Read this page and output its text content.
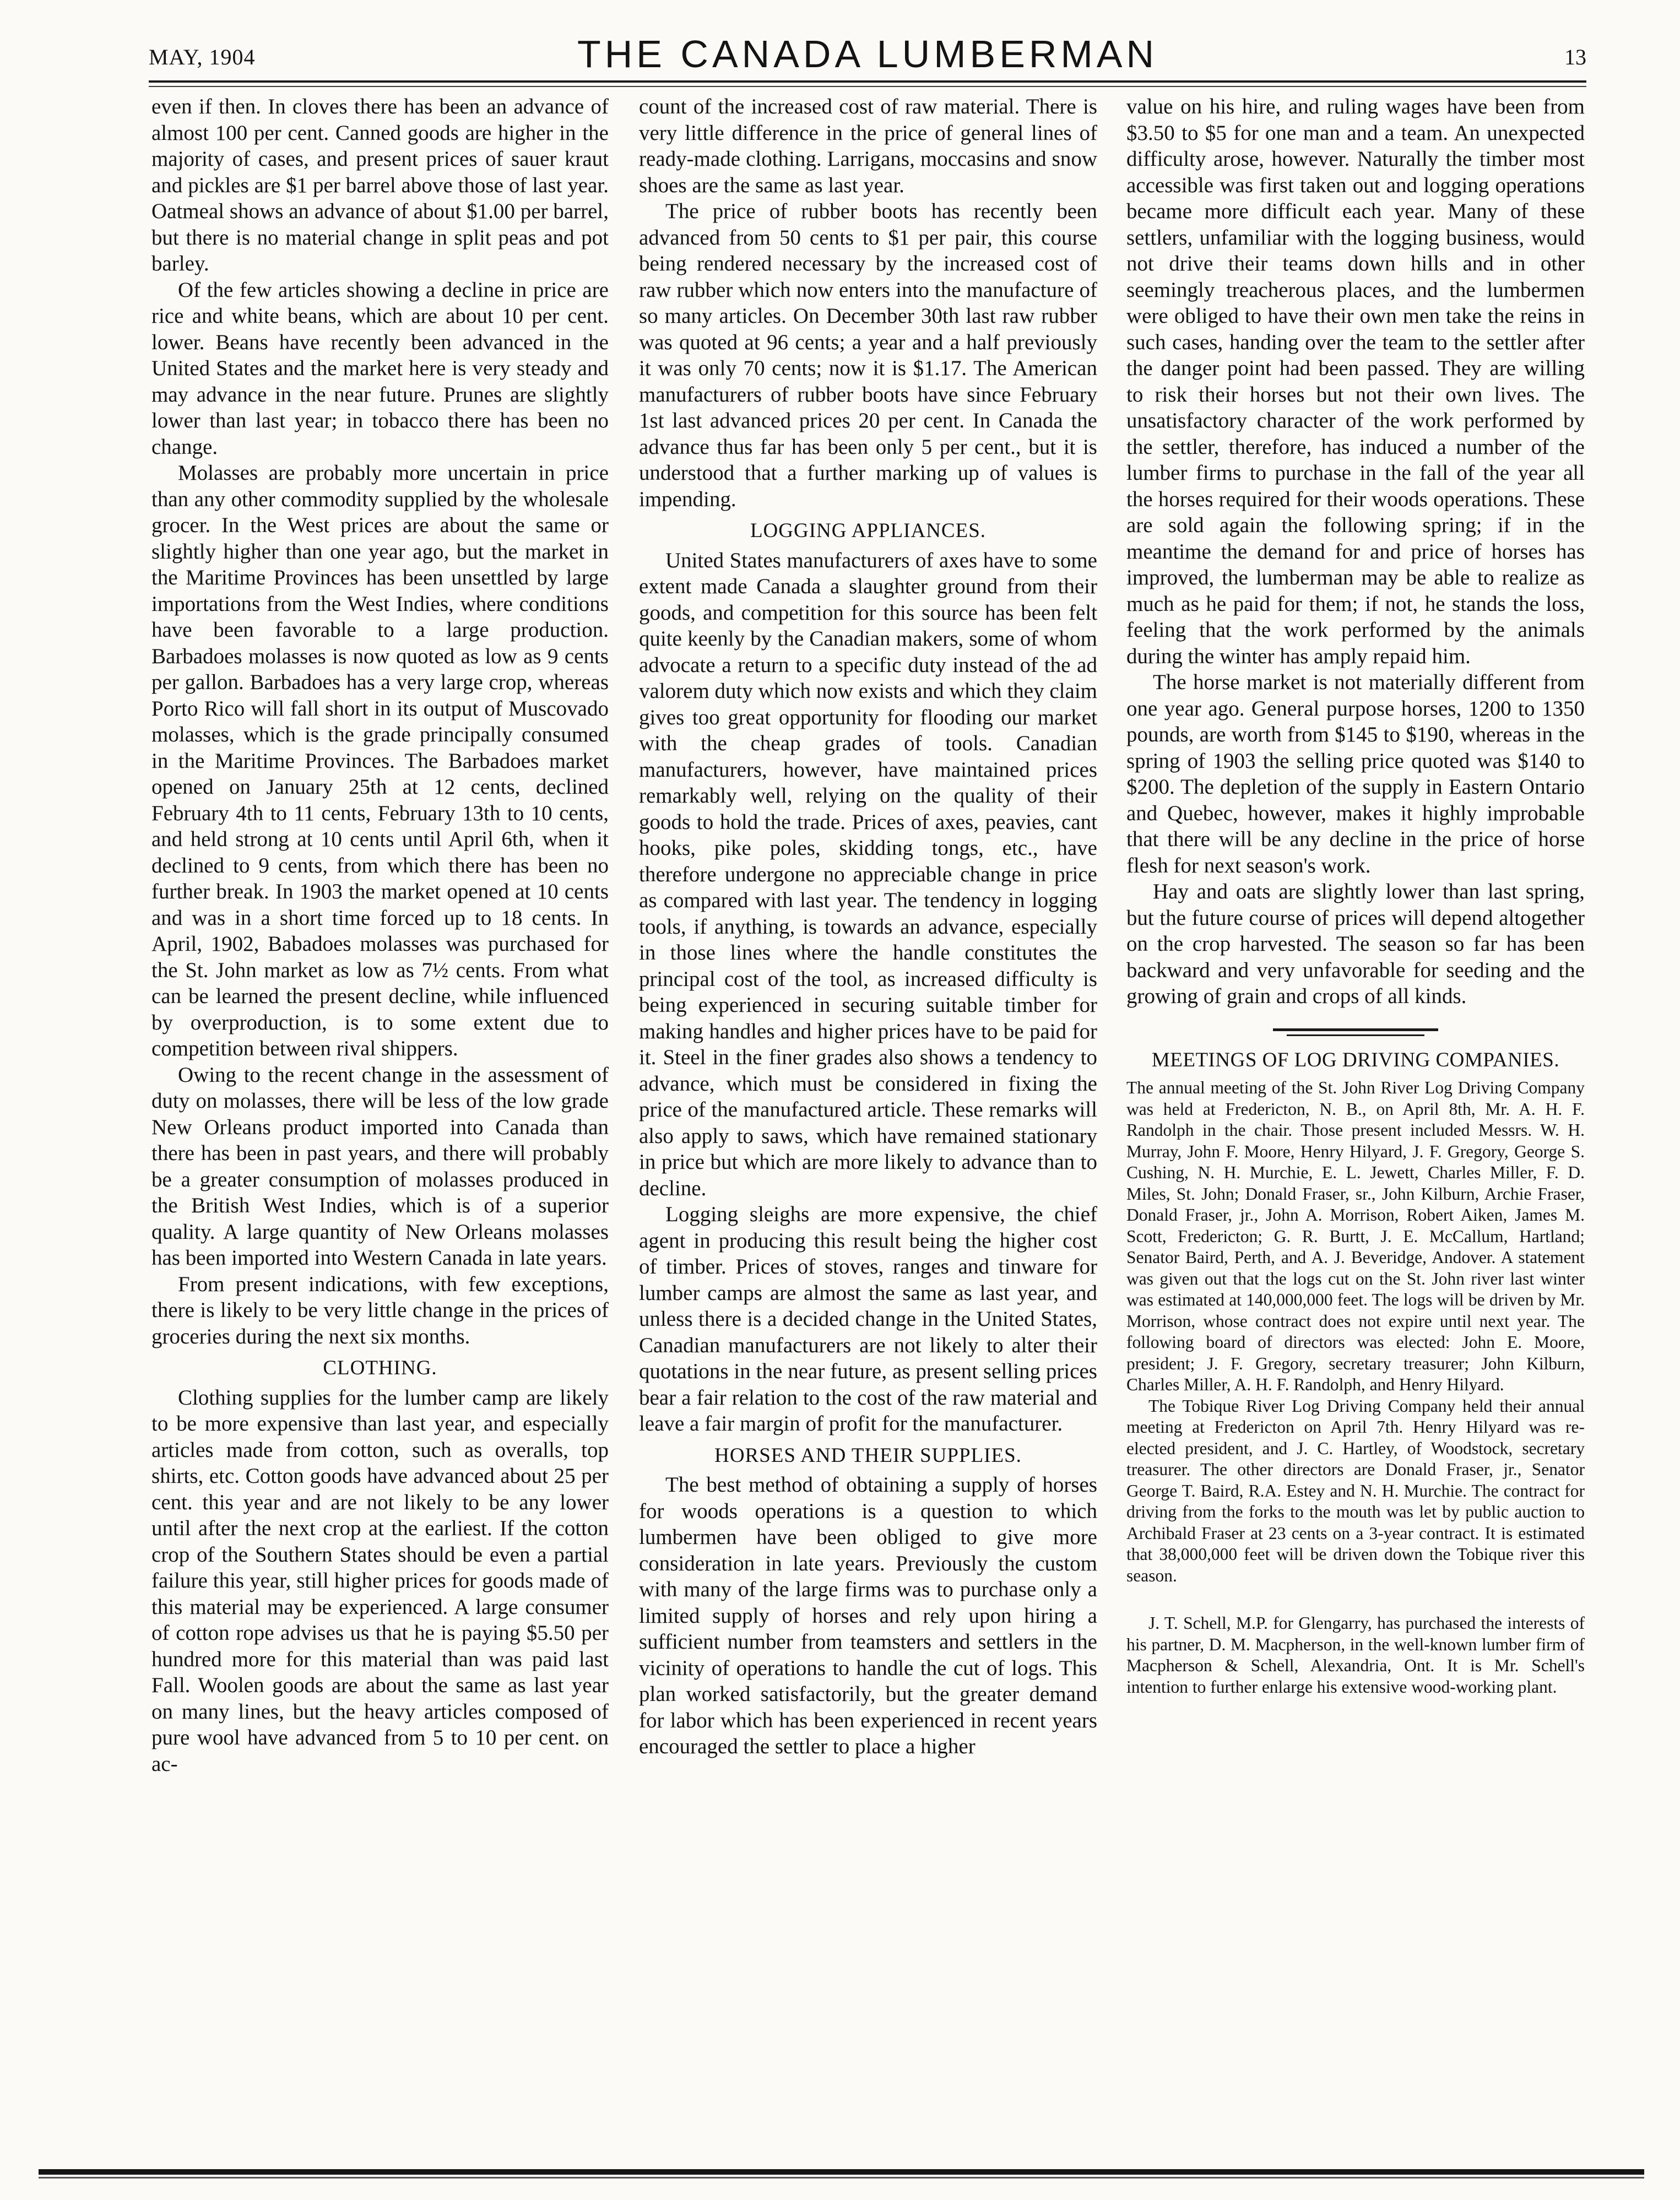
MAY, 1904	THE CANADA LUMBERMAN	13

even if then. In cloves there has been an advance of almost 100 per cent. Canned goods are higher in the majority of cases, and present prices of sauer kraut and pickles are $1 per barrel above those of last year. Oatmeal shows an advance of about $1.00 per barrel, but there is no material change in split peas and pot barley.

Of the few articles showing a decline in price are rice and white beans, which are about 10 per cent. lower. Beans have recently been advanced in the United States and the market here is very steady and may advance in the near future. Prunes are slightly lower than last year; in tobacco there has been no change.

Molasses are probably more uncertain in price than any other commodity supplied by the wholesale grocer. In the West prices are about the same or slightly higher than one year ago, but the market in the Maritime Provinces has been unsettled by large importations from the West Indies, where conditions have been favorable to a large production. Barbadoes molasses is now quoted as low as 9 cents per gallon. Barbadoes has a very large crop, whereas Porto Rico will fall short in its output of Muscovado molasses, which is the grade principally consumed in the Maritime Provinces. The Barbadoes market opened on January 25th at 12 cents, declined February 4th to 11 cents, February 13th to 10 cents, and held strong at 10 cents until April 6th, when it declined to 9 cents, from which there has been no further break. In 1903 the market opened at 10 cents and was in a short time forced up to 18 cents. In April, 1902, Babadoes molasses was purchased for the St. John market as low as 7½ cents. From what can be learned the present decline, while influenced by overproduction, is to some extent due to competition between rival shippers.

Owing to the recent change in the assessment of duty on molasses, there will be less of the low grade New Orleans product imported into Canada than there has been in past years, and there will probably be a greater consumption of molasses produced in the British West Indies, which is of a superior quality. A large quantity of New Orleans molasses has been imported into Western Canada in late years.

From present indications, with few exceptions, there is likely to be very little change in the prices of groceries during the next six months.

CLOTHING.

Clothing supplies for the lumber camp are likely to be more expensive than last year, and especially articles made from cotton, such as overalls, top shirts, etc. Cotton goods have advanced about 25 per cent. this year and are not likely to be any lower until after the next crop at the earliest. If the cotton crop of the Southern States should be even a partial failure this year, still higher prices for goods made of this material may be experienced. A large consumer of cotton rope advises us that he is paying $5.50 per hundred more for this material than was paid last Fall. Woolen goods are about the same as last year on many lines, but the heavy articles composed of pure wool have advanced from 5 to 10 per cent. on ac-

count of the increased cost of raw material. There is very little difference in the price of general lines of ready-made clothing. Larrigans, moccasins and snow shoes are the same as last year.

The price of rubber boots has recently been advanced from 50 cents to $1 per pair, this course being rendered necessary by the increased cost of raw rubber which now enters into the manufacture of so many articles. On December 30th last raw rubber was quoted at 96 cents; a year and a half previously it was only 70 cents; now it is $1.17. The American manufacturers of rubber boots have since February 1st last advanced prices 20 per cent. In Canada the advance thus far has been only 5 per cent., but it is understood that a further marking up of values is impending.

LOGGING APPLIANCES.

United States manufacturers of axes have to some extent made Canada a slaughter ground from their goods, and competition for this source has been felt quite keenly by the Canadian makers, some of whom advocate a return to a specific duty instead of the ad valorem duty which now exists and which they claim gives too great opportunity for flooding our market with the cheap grades of tools. Canadian manufacturers, however, have maintained prices remarkably well, relying on the quality of their goods to hold the trade. Prices of axes, peavies, cant hooks, pike poles, skidding tongs, etc., have therefore undergone no appreciable change in price as compared with last year. The tendency in logging tools, if anything, is towards an advance, especially in those lines where the handle constitutes the principal cost of the tool, as increased difficulty is being experienced in securing suitable timber for making handles and higher prices have to be paid for it. Steel in the finer grades also shows a tendency to advance, which must be considered in fixing the price of the manufactured article. These remarks will also apply to saws, which have remained stationary in price but which are more likely to advance than to decline.

Logging sleighs are more expensive, the chief agent in producing this result being the higher cost of timber. Prices of stoves, ranges and tinware for lumber camps are almost the same as last year, and unless there is a decided change in the United States, Canadian manufacturers are not likely to alter their quotations in the near future, as present selling prices bear a fair relation to the cost of the raw material and leave a fair margin of profit for the manufacturer.

HORSES AND THEIR SUPPLIES.

The best method of obtaining a supply of horses for woods operations is a question to which lumbermen have been obliged to give more consideration in late years. Previously the custom with many of the large firms was to purchase only a limited supply of horses and rely upon hiring a sufficient number from teamsters and settlers in the vicinity of operations to handle the cut of logs. This plan worked satisfactorily, but the greater demand for labor which has been experienced in recent years encouraged the settler to place a higher

value on his hire, and ruling wages have been from $3.50 to $5 for one man and a team. An unexpected difficulty arose, however. Naturally the timber most accessible was first taken out and logging operations became more difficult each year. Many of these settlers, unfamiliar with the logging business, would not drive their teams down hills and in other seemingly treacherous places, and the lumbermen were obliged to have their own men take the reins in such cases, handing over the team to the settler after the danger point had been passed. They are willing to risk their horses but not their own lives. The unsatisfactory character of the work performed by the settler, therefore, has induced a number of the lumber firms to purchase in the fall of the year all the horses required for their woods operations. These are sold again the following spring; if in the meantime the demand for and price of horses has improved, the lumberman may be able to realize as much as he paid for them; if not, he stands the loss, feeling that the work performed by the animals during the winter has amply repaid him.

The horse market is not materially different from one year ago. General purpose horses, 1200 to 1350 pounds, are worth from $145 to $190, whereas in the spring of 1903 the selling price quoted was $140 to $200. The depletion of the supply in Eastern Ontario and Quebec, however, makes it highly improbable that there will be any decline in the price of horse flesh for next season's work.

Hay and oats are slightly lower than last spring, but the future course of prices will depend altogether on the crop harvested. The season so far has been backward and very unfavorable for seeding and the growing of grain and crops of all kinds.

MEETINGS OF LOG DRIVING COMPANIES.

The annual meeting of the St. John River Log Driving Company was held at Fredericton, N. B., on April 8th, Mr. A. H. F. Randolph in the chair. Those present included Messrs. W. H. Murray, John F. Moore, Henry Hilyard, J. F. Gregory, George S. Cushing, N. H. Murchie, E. L. Jewett, Charles Miller, F. D. Miles, St. John; Donald Fraser, sr., John Kilburn, Archie Fraser, Donald Fraser, jr., John A. Morrison, Robert Aiken, James M. Scott, Fredericton; G. R. Burtt, J. E. McCallum, Hartland; Senator Baird, Perth, and A. J. Beveridge, Andover. A statement was given out that the logs cut on the St. John river last winter was estimated at 140,000,000 feet. The logs will be driven by Mr. Morrison, whose contract does not expire until next year. The following board of directors was elected: John E. Moore, president; J. F. Gregory, secretary treasurer; John Kilburn, Charles Miller, A. H. F. Randolph, and Henry Hilyard.

The Tobique River Log Driving Company held their annual meeting at Fredericton on April 7th. Henry Hilyard was re-elected president, and J. C. Hartley, of Woodstock, secretary treasurer. The other directors are Donald Fraser, jr., Senator George T. Baird, R.A. Estey and N. H. Murchie. The contract for driving from the forks to the mouth was let by public auction to Archibald Fraser at 23 cents on a 3-year contract. It is estimated that 38,000,000 feet will be driven down the Tobique river this season.

J. T. Schell, M.P. for Glengarry, has purchased the interests of his partner, D. M. Macpherson, in the well-known lumber firm of Macpherson & Schell, Alexandria, Ont. It is Mr. Schell's intention to further enlarge his extensive wood-working plant.
